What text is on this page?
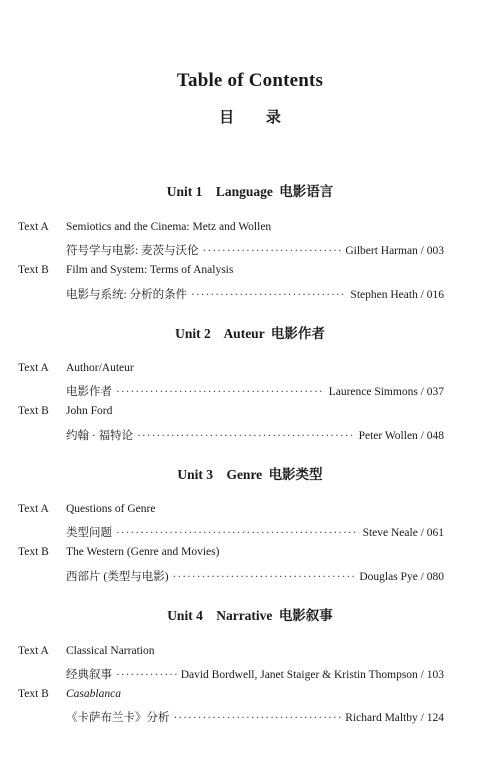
Table of Contents
目 录
Unit 1 Language 电影语言
Text A Semiotics and the Cinema: Metz and Wollen
符号学与电影: 麦茨与沃伦 ·····	Gilbert Harman / 003
Text B Film and System: Terms of Analysis
电影与系统: 分析的条件 ·····	Stephen Heath / 016
Unit 2 Auteur 电影作者
Text A Author/Auteur
电影作者 ·····	Laurence Simmons / 037
Text B John Ford
约翰 · 福特论 ·····	Peter Wollen / 048
Unit 3 Genre 电影类型
Text A Questions of Genre
类型问题 ·····	Steve Neale / 061
Text B The Western (Genre and Movies)
西部片 (类型与电影) ·····	Douglas Pye / 080
Unit 4 Narrative 电影叙事
Text A Classical Narration
经典叙事 ·····	David Bordwell, Janet Staiger & Kristin Thompson / 103
Text B Casablanca
《卡萨布兰卡》分析 ·····	Richard Maltby / 124
